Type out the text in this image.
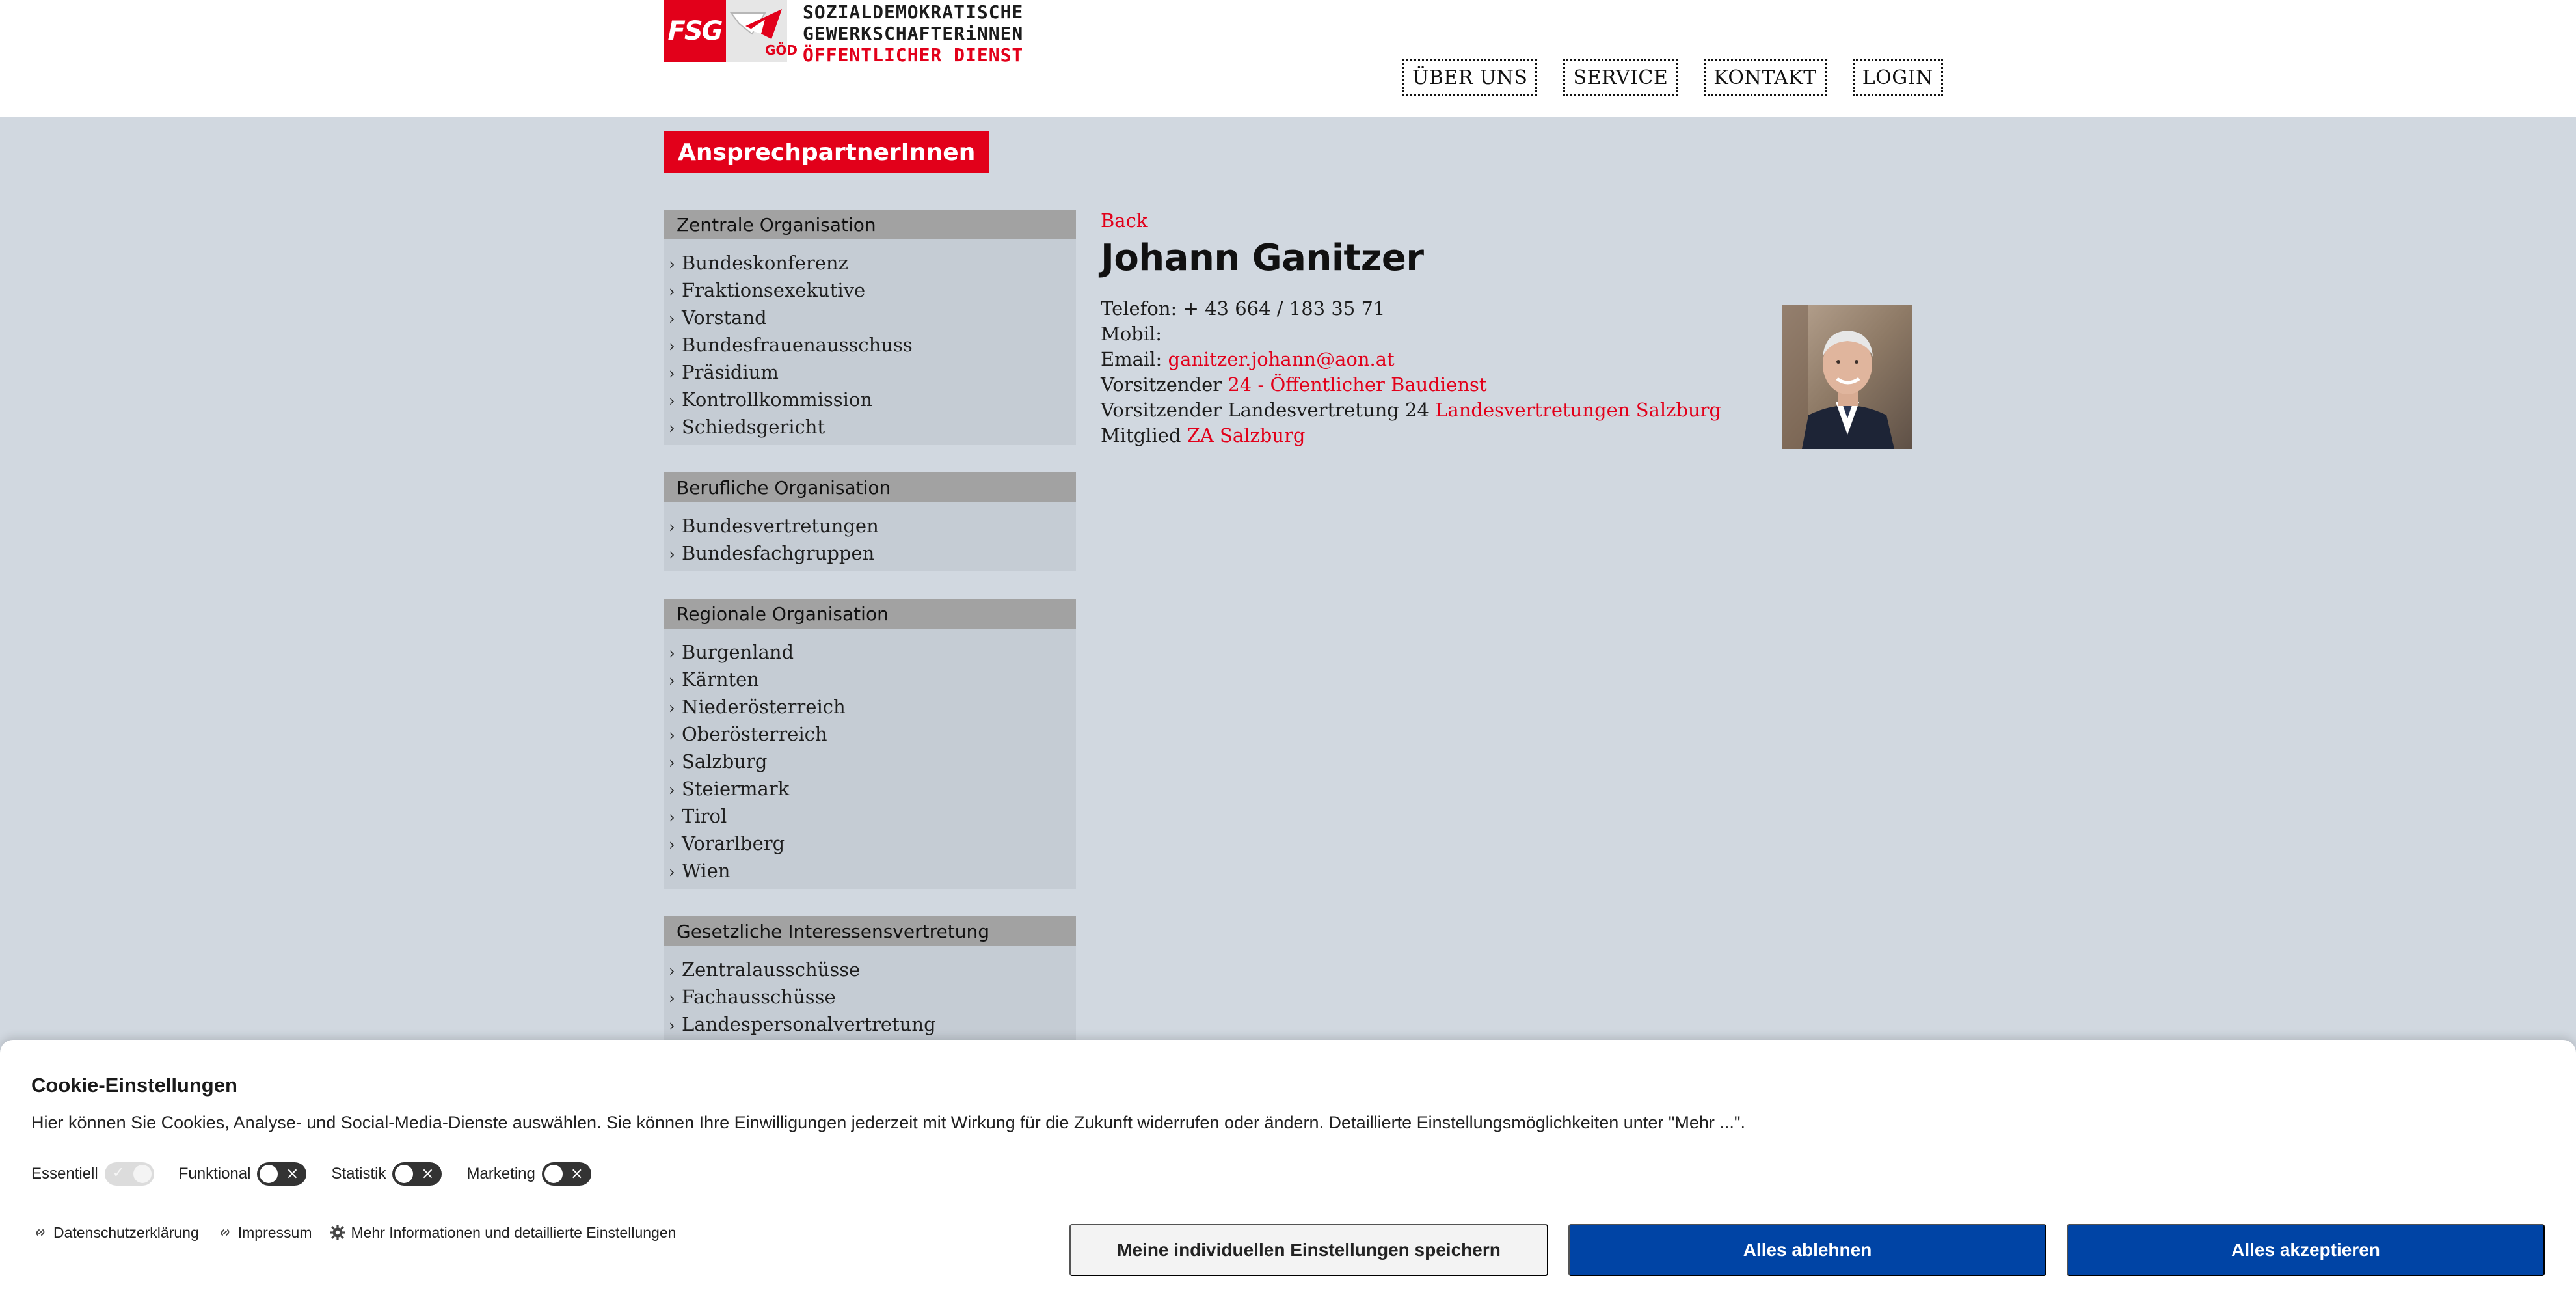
FSG
GÖD
SOZIALDEMOKRATISCHE
GEWERKSCHAFTERiNNEN
ÖFFENTLICHER DIENST
ÜBER UNS	SERVICE	KONTAKT	LOGIN
AnsprechpartnerInnen
Zentrale Organisation
› Bundeskonferenz
› Fraktionsexekutive
› Vorstand
› Bundesfrauenausschuss
› Präsidium
› Kontrollkommission
› Schiedsgericht
Berufliche Organisation
› Bundesvertretungen
› Bundesfachgruppen
Regionale Organisation
› Burgenland
› Kärnten
› Niederösterreich
› Oberösterreich
› Salzburg
› Steiermark
› Tirol
› Vorarlberg
› Wien
Gesetzliche Interessensvertretung
› Zentralausschüsse
› Fachausschüsse
› Landespersonalvertretung
Back
Johann Ganitzer
Telefon: + 43 664 / 183 35 71
Mobil:
Email: ganitzer.johann@aon.at
Vorsitzender 24 - Öffentlicher Baudienst
Vorsitzender Landesvertretung 24 Landesvertretungen Salzburg
Mitglied ZA Salzburg
Cookie-Einstellungen

Hier können Sie Cookies, Analyse- und Social-Media-Dienste auswählen. Sie können Ihre Einwilligungen jederzeit mit Wirkung für die Zukunft widerrufen oder ändern. Detaillierte Einstellungsmöglichkeiten unter "Mehr ...".

Essentiell ✓	Funktional × Statistik × Marketing ×
Datenschutzerklärung	Impressum	Mehr Informationen und detaillierte Einstellungen
Meine individuellen Einstellungen speichern	Alles ablehnen	Alles akzeptieren
